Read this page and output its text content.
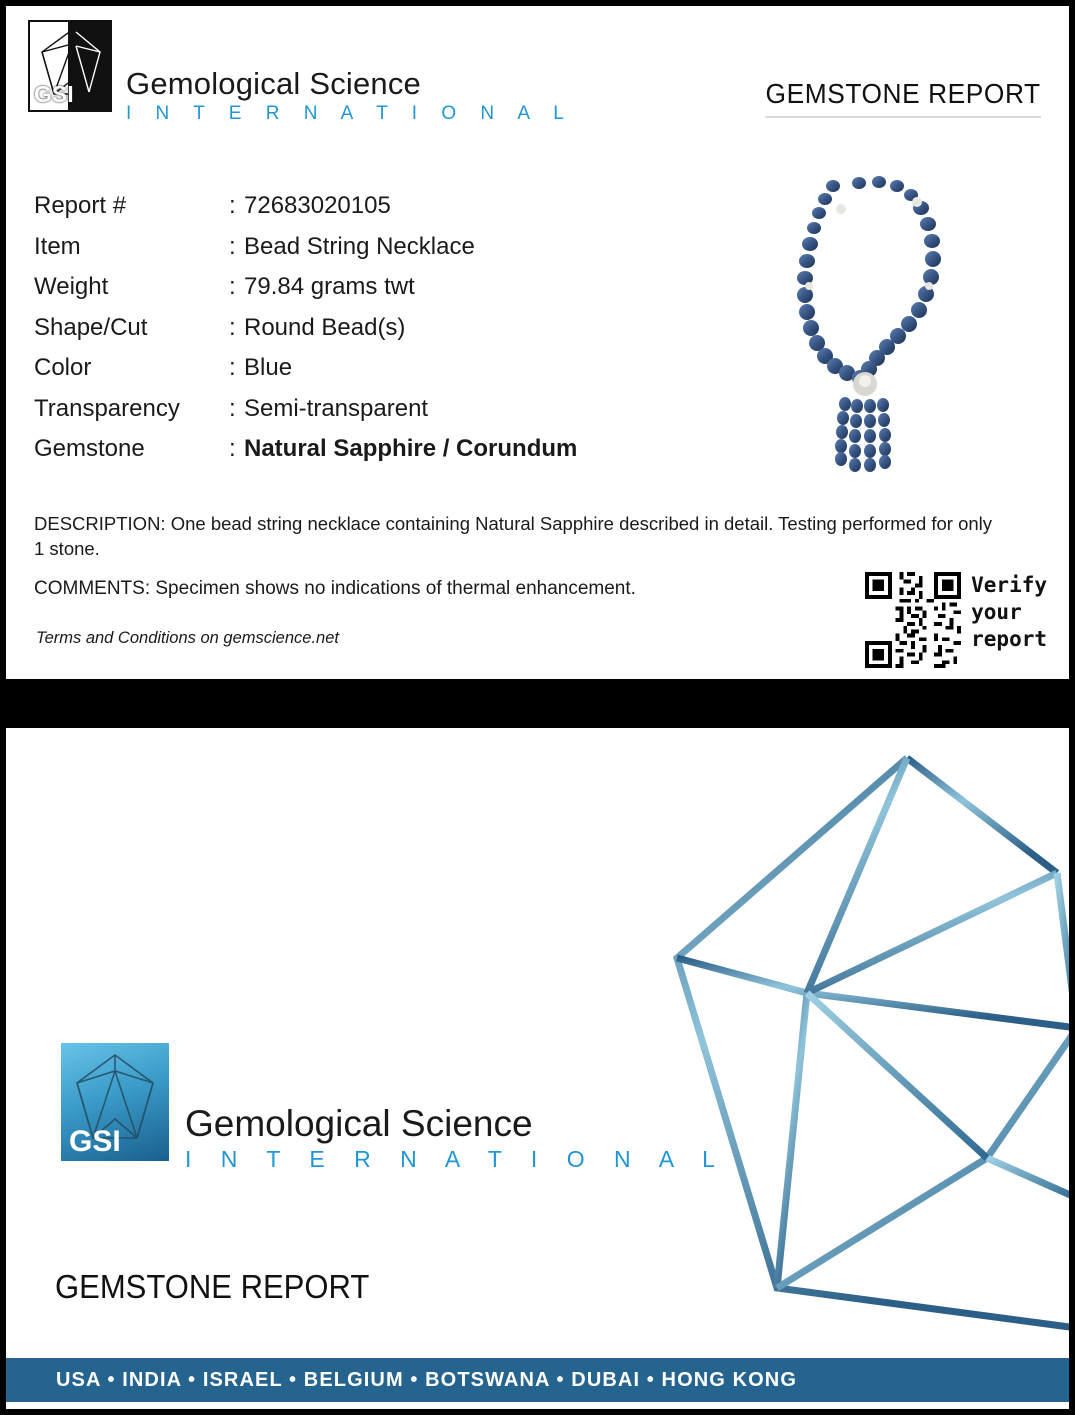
GSI Gemological Science
I N T E R N A T I O N A L
GEMSTONE REPORT
Report #	: 72683020105
Item	: Bead String Necklace
Weight	: 79.84 grams twt
Shape/Cut	: Round Bead(s)
Color	: Blue
Transparency	: Semi-transparent
Gemstone	: Natural Sapphire / Corundum
DESCRIPTION: One bead string necklace containing Natural Sapphire described in detail. Testing performed for only 1 stone.
COMMENTS: Specimen shows no indications of thermal enhancement.
Terms and Conditions on gemscience.net
Verify
your
report
GSI Gemological Science
I N T E R N A T I O N A L
GEMSTONE REPORT
USA • INDIA • ISRAEL • BELGIUM • BOTSWANA • DUBAI • HONG KONG
